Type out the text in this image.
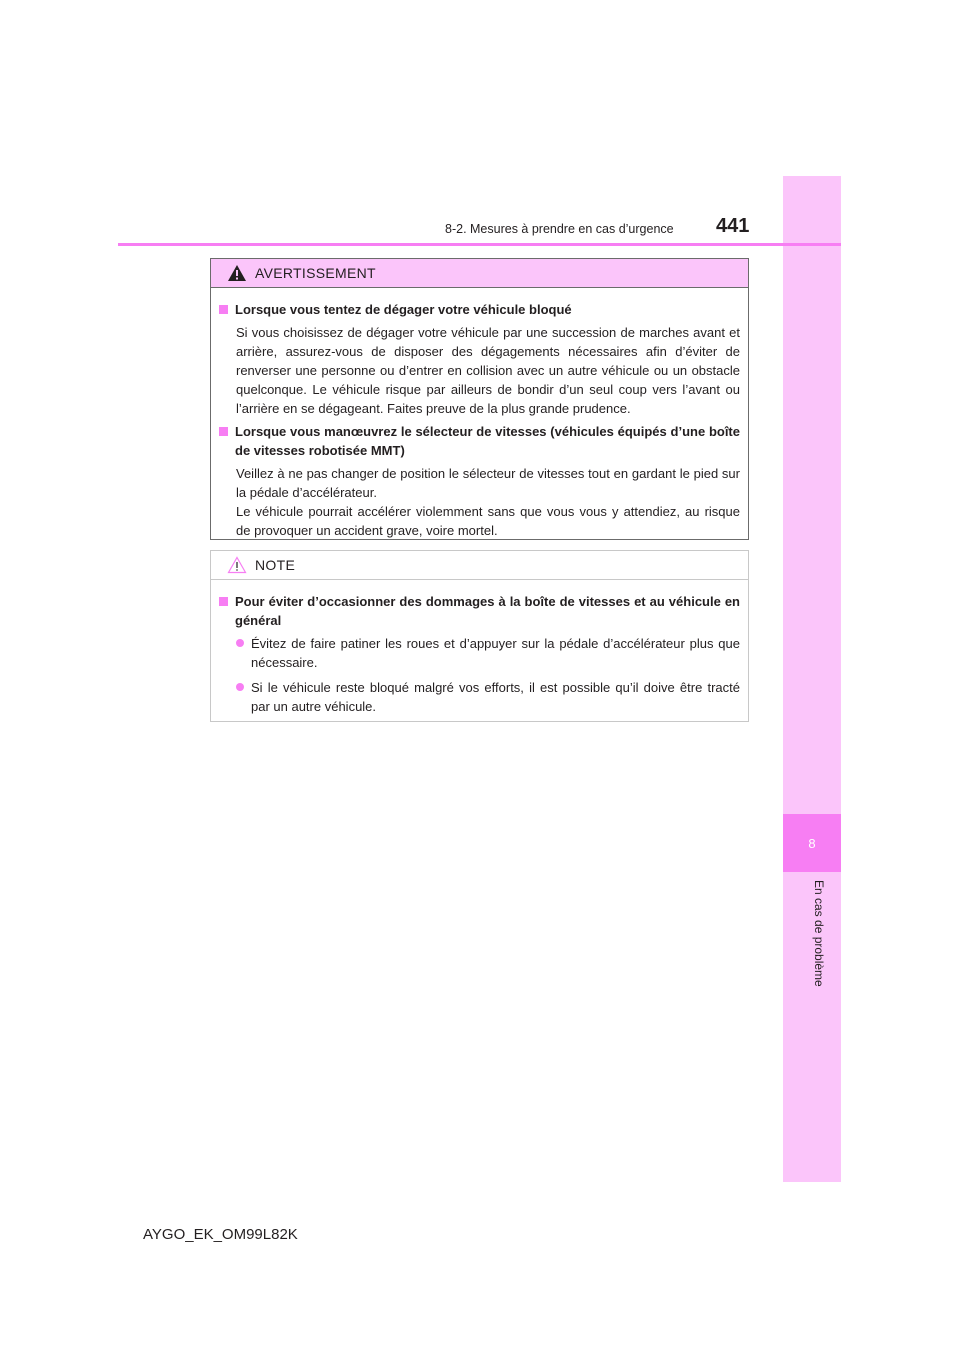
8
En cas de problème
8-2. Mesures à prendre en cas d’urgence 441
AVERTISSEMENT
Lorsque vous tentez de dégager votre véhicule bloqué
Si vous choisissez de dégager votre véhicule par une succession de marches avant et arrière, assurez-vous de disposer des dégagements nécessaires afin d’éviter de renverser une personne ou d’entrer en collision avec un autre véhicule ou un obstacle quelconque. Le véhicule risque par ailleurs de bondir d’un seul coup vers l’avant ou l’arrière en se dégageant. Faites preuve de la plus grande prudence.
Lorsque vous manœuvrez le sélecteur de vitesses (véhicules équipés d’une boîte de vitesses robotisée MMT)
Veillez à ne pas changer de position le sélecteur de vitesses tout en gardant le pied sur la pédale d’accélérateur.
Le véhicule pourrait accélérer violemment sans que vous vous y attendiez, au risque de provoquer un accident grave, voire mortel.
NOTE
Pour éviter d’occasionner des dommages à la boîte de vitesses et au véhicule en général
Évitez de faire patiner les roues et d’appuyer sur la pédale d’accélérateur plus que nécessaire.
Si le véhicule reste bloqué malgré vos efforts, il est possible qu’il doive être tracté par un autre véhicule.
AYGO_EK_OM99L82K
